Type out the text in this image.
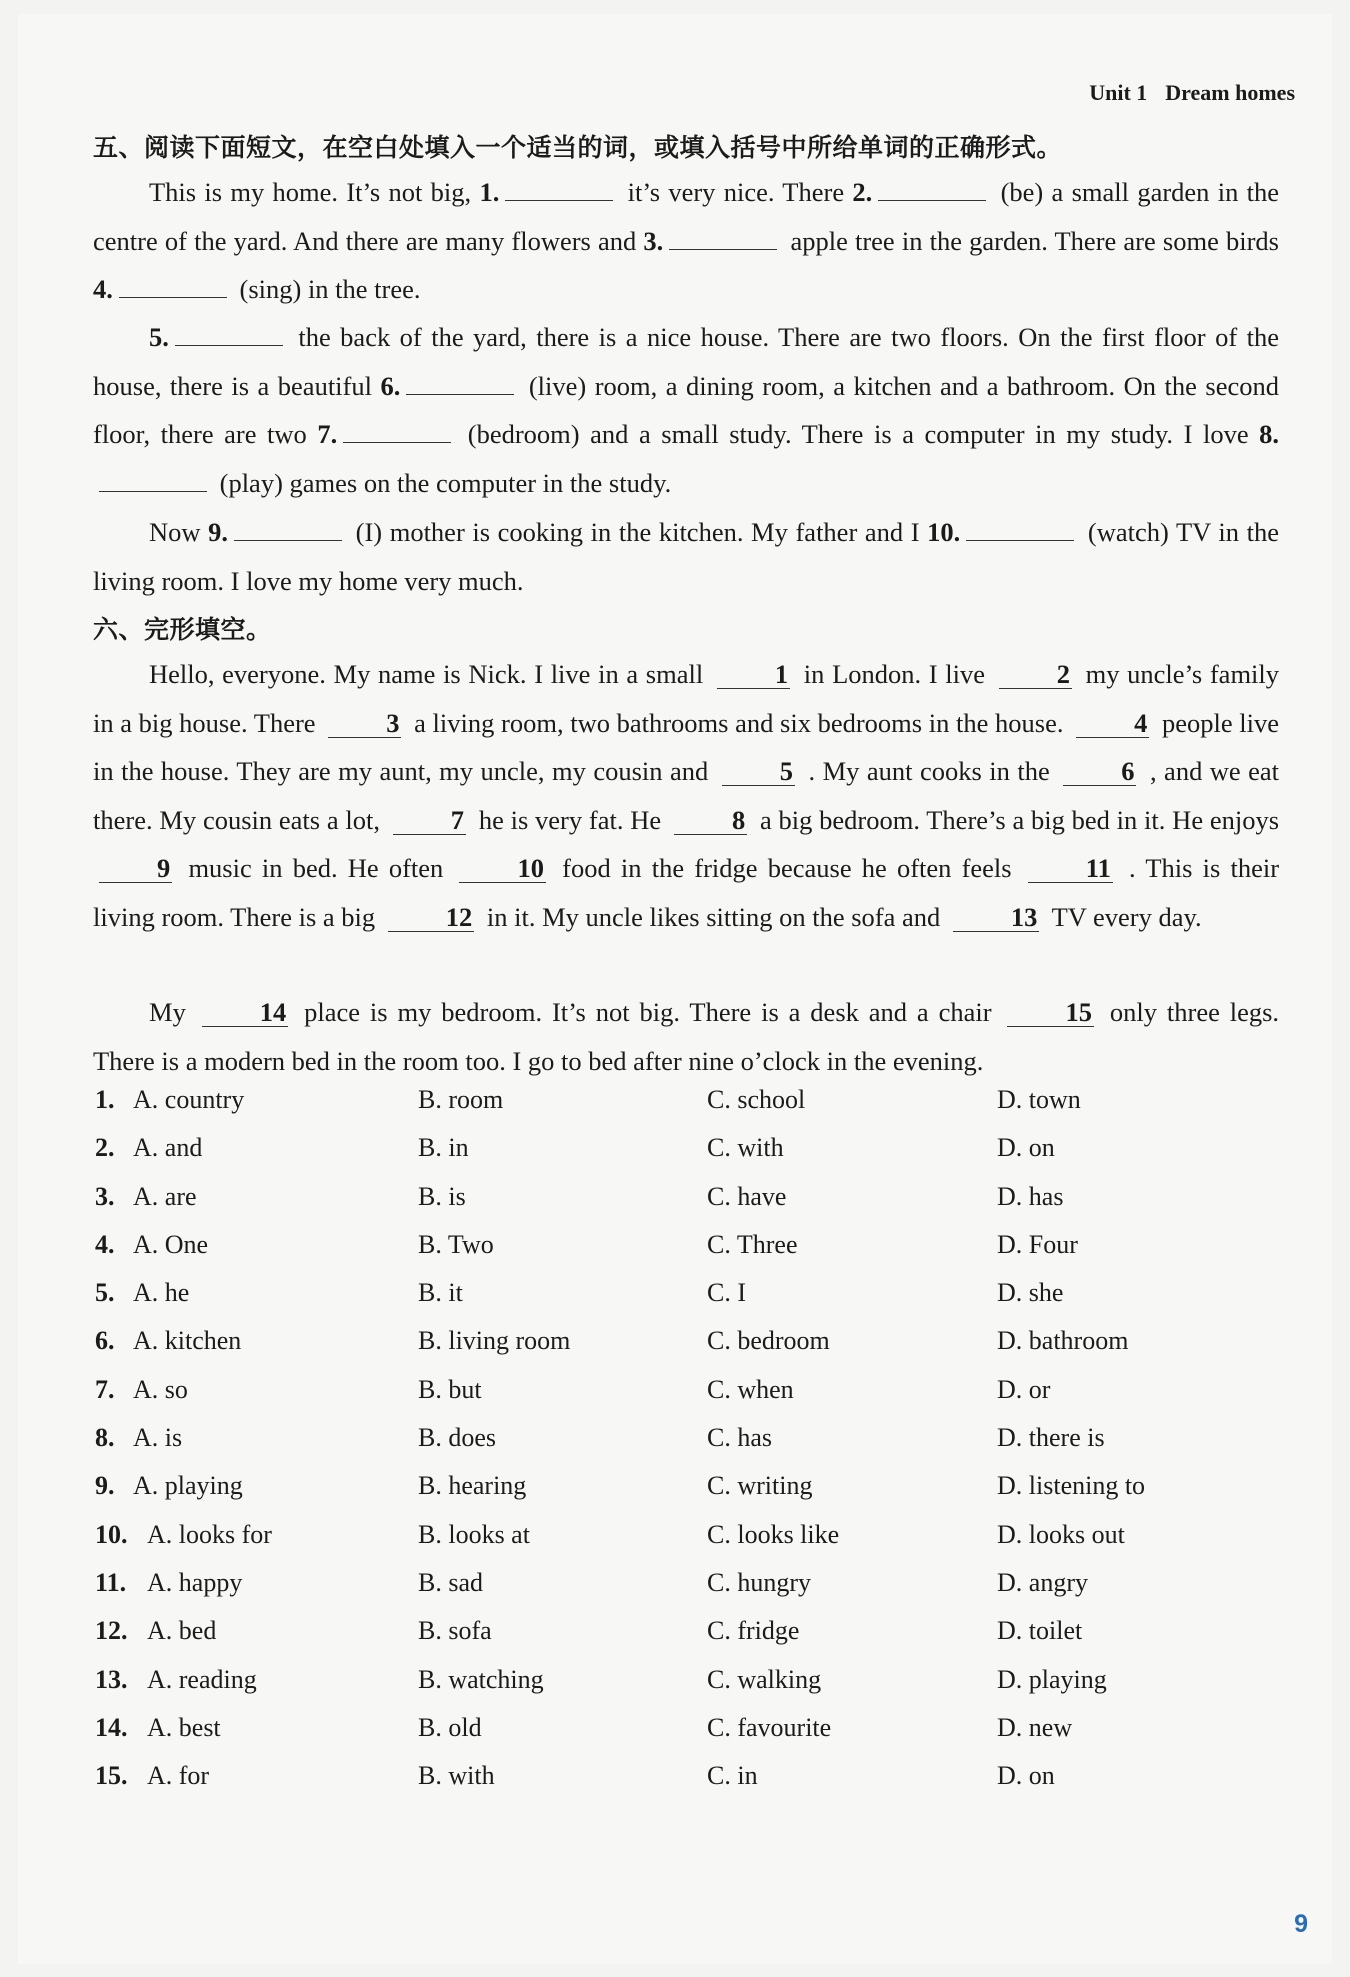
Unit 1 Dream homes
五、阅读下面短文，在空白处填入一个适当的词，或填入括号中所给单词的正确形式。
This is my home. It’s not big, 1.	it’s very nice. There 2.	(be) a small garden in the centre of the yard. And there are many flowers and 3.	apple tree in the garden. There are some birds 4.	(sing) in the tree.
5.	the back of the yard, there is a nice house. There are two floors. On the first floor of the house, there is a beautiful 6.	(live) room, a dining room, a kitchen and a bathroom. On the second floor, there are two 7.	(bedroom) and a small study. There is a computer in my study. I love 8. (play) games on the computer in the study.
Now 9.	(I) mother is cooking in the kitchen. My father and I 10.	(watch) TV in the living room. I love my home very much.
六、完形填空。
Hello, everyone. My name is Nick. I live in a small	1 in London. I live	2 my uncle’s family in a big house. There	3 a living room, two bathrooms and six bedrooms in the house.	4 people live in the house. They are my aunt, my uncle, my cousin and	5 . My aunt cooks in the	6 , and we eat there. My cousin eats a lot,	7 he is very fat. He	8 a big bedroom. There’s a big bed in it. He enjoys 9 music in bed. He often	10 food in the fridge because he often feels	11 . This is their living room. There is a big	12 in it. My uncle likes sitting on the sofa and	13 TV every day.
My	14 place is my bedroom. It’s not big. There is a desk and a chair	15 only three legs. There is a modern bed in the room too. I go to bed after nine o’clock in the evening.
1. A. country	B. room	C. school	D. town
2. A. and	B. in	C. with	D. on
3. A. are	B. is	C. have	D. has
4. A. One	B. Two	C. Three	D. Four
5. A. he	B. it	C. I	D. she
6. A. kitchen	B. living room	C. bedroom	D. bathroom
7. A. so	B. but	C. when	D. or
8. A. is	B. does	C. has	D. there is
9. A. playing	B. hearing	C. writing	D. listening to
10. A. looks for	B. looks at	C. looks like	D. looks out
11. A. happy	B. sad	C. hungry	D. angry
12. A. bed	B. sofa	C. fridge	D. toilet
13. A. reading	B. watching	C. walking	D. playing
14. A. best	B. old	C. favourite	D. new
15. A. for	B. with	C. in	D. on
9
